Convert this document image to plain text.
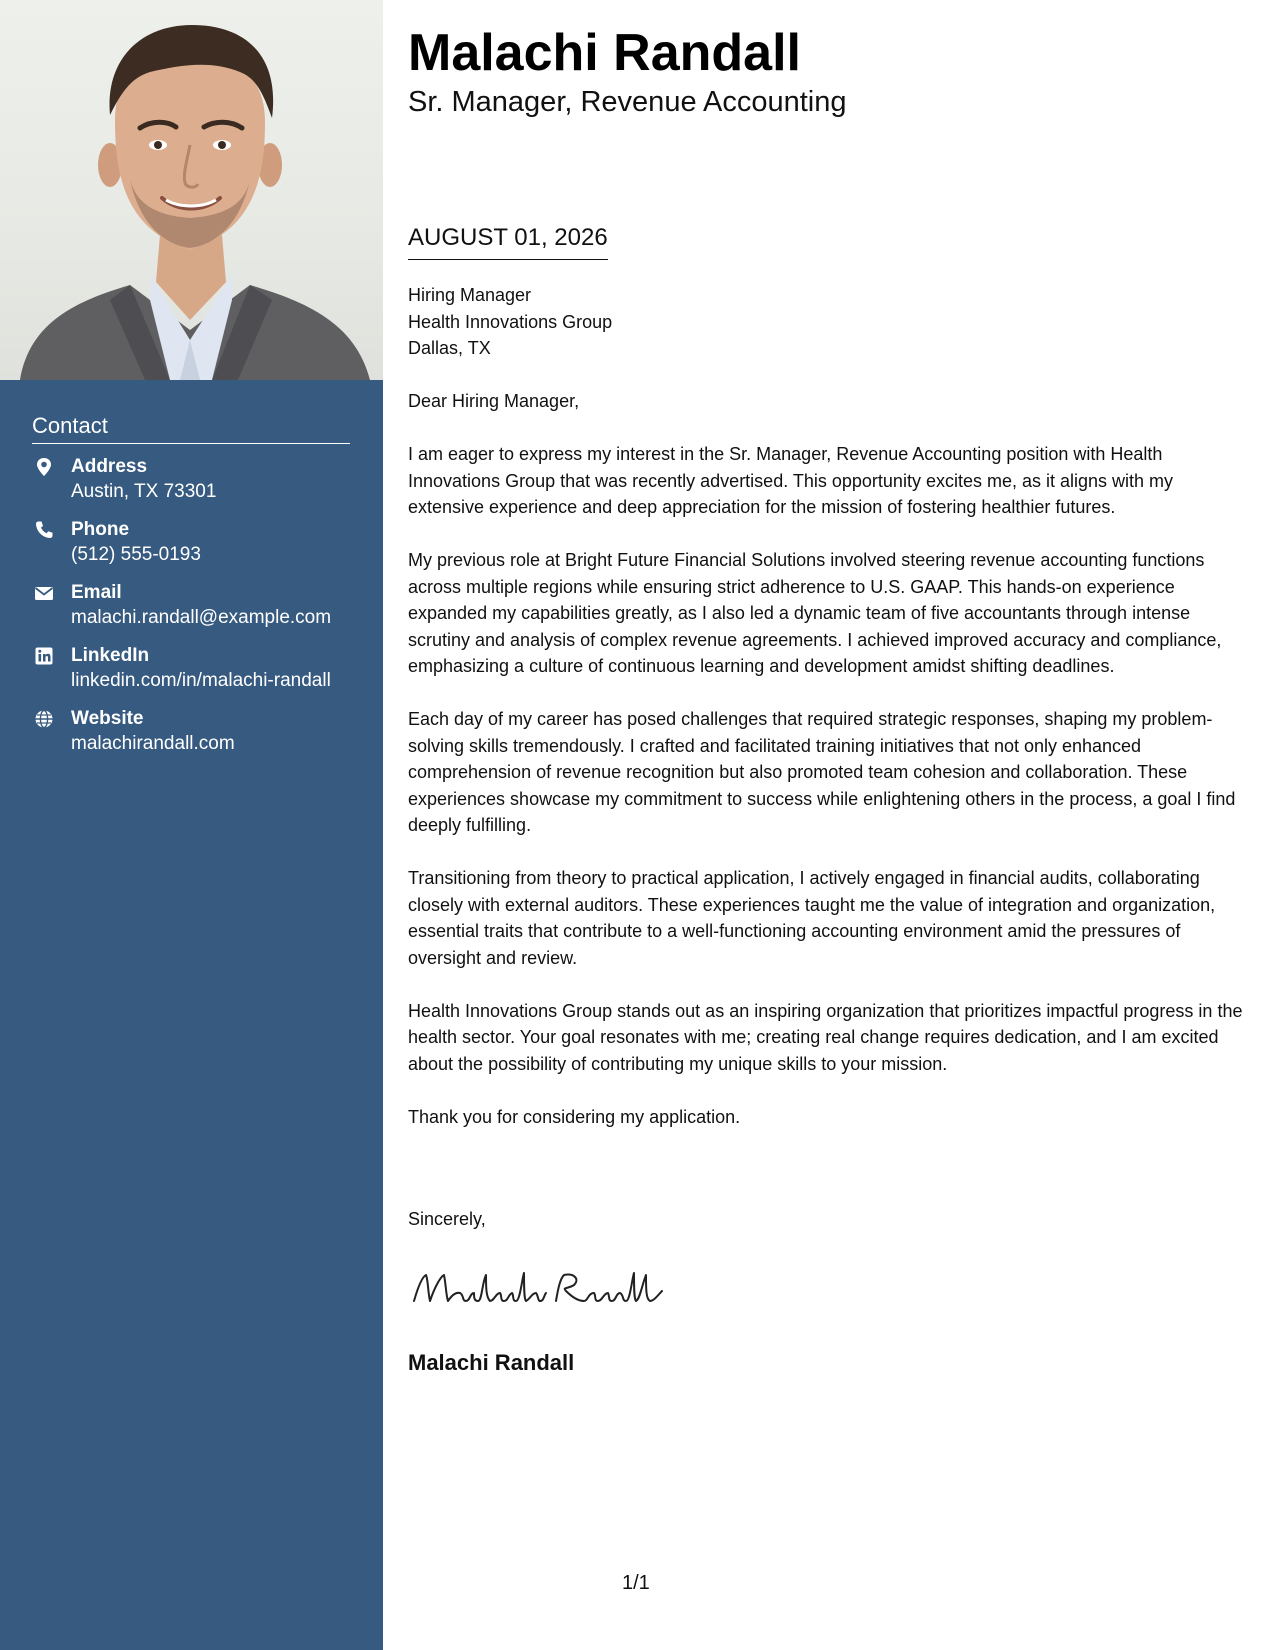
Contact
Address
Austin, TX 73301
Phone
(512) 555-0193
Email
malachi.randall@example.com
LinkedIn
linkedin.com/in/malachi-randall
Website
malachirandall.com
Malachi Randall
Sr. Manager, Revenue Accounting
AUGUST 01, 2026
Hiring Manager
Health Innovations Group
Dallas, TX

Dear Hiring Manager,

I am eager to express my interest in the Sr. Manager, Revenue Accounting position with Health Innovations Group that was recently advertised. This opportunity excites me, as it aligns with my extensive experience and deep appreciation for the mission of fostering healthier futures.

My previous role at Bright Future Financial Solutions involved steering revenue accounting functions across multiple regions while ensuring strict adherence to U.S. GAAP. This hands-on experience expanded my capabilities greatly, as I also led a dynamic team of five accountants through intense scrutiny and analysis of complex revenue agreements. I achieved improved accuracy and compliance, emphasizing a culture of continuous learning and development amidst shifting deadlines.

Each day of my career has posed challenges that required strategic responses, shaping my problem-solving skills tremendously. I crafted and facilitated training initiatives that not only enhanced comprehension of revenue recognition but also promoted team cohesion and collaboration. These experiences showcase my commitment to success while enlightening others in the process, a goal I find deeply fulfilling.

Transitioning from theory to practical application, I actively engaged in financial audits, collaborating closely with external auditors. These experiences taught me the value of integration and organization, essential traits that contribute to a well-functioning accounting environment amid the pressures of oversight and review.

Health Innovations Group stands out as an inspiring organization that prioritizes impactful progress in the health sector. Your goal resonates with me; creating real change requires dedication, and I am excited about the possibility of contributing my unique skills to your mission.

Thank you for considering my application.

Sincerely,
Malachi Randall
1/1
